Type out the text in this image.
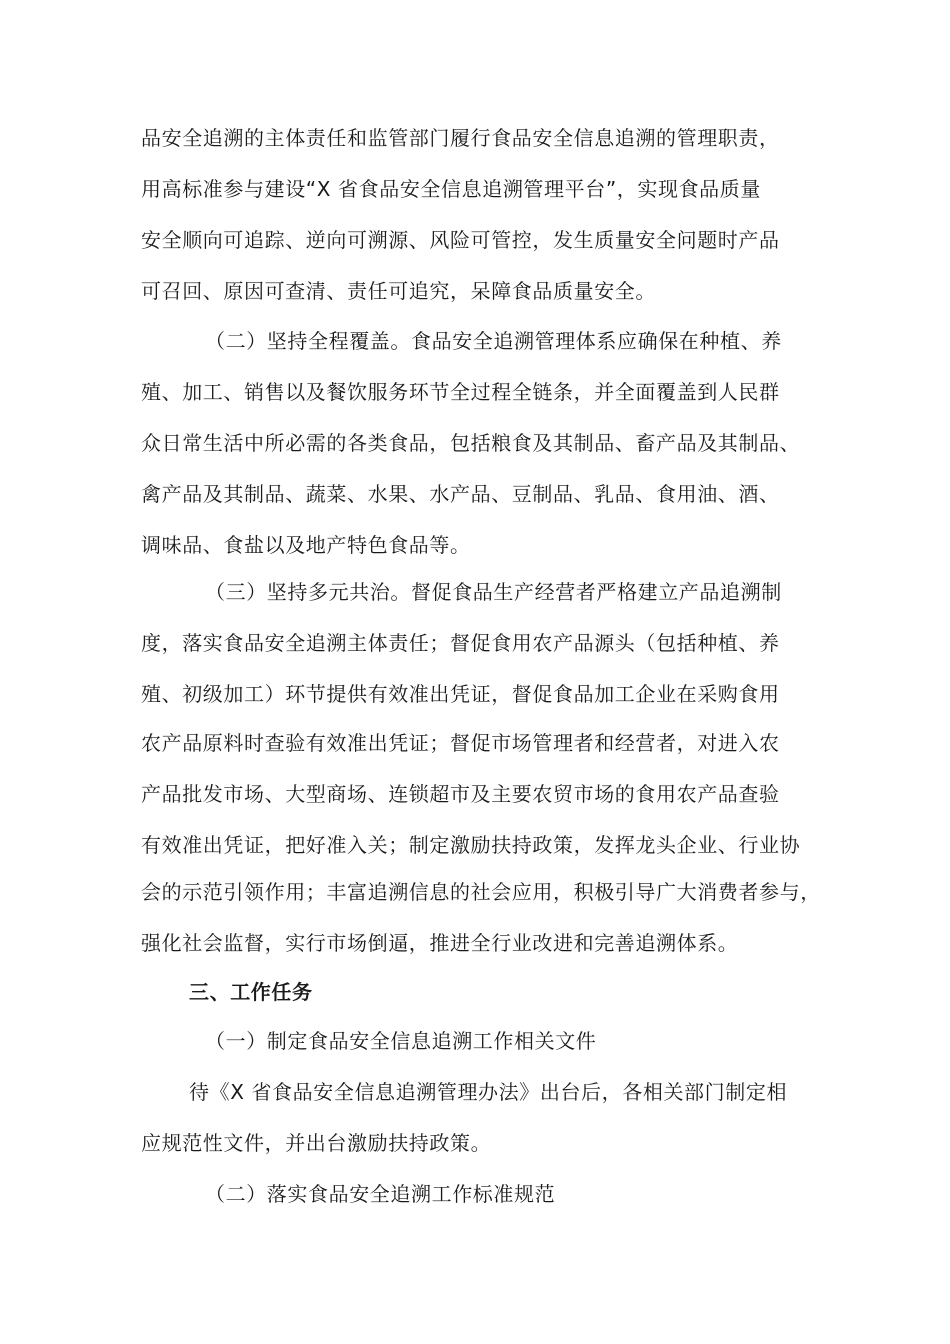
品安全追溯的主体责任和监管部门履行食品安全信息追溯的管理职责，
用高标准参与建设“X 省食品安全信息追溯管理平台”，实现食品质量
安全顺向可追踪、逆向可溯源、风险可管控，发生质量安全问题时产品
可召回、原因可查清、责任可追究，呆障食品质量安全。
（二）坚持全程覆盖。食品安全追溯管理体系应确保在种植、养
殖、加工、销售以及餐饮服务环节全过程全链条，并全面覆盖到人民群
众日常生活中所必需的各类食品，包括粮食及其制品、畜产品及其制品、
禽产品及其制品、蔬菜、水果、水产品、豆制品、乳品、食用油、酒、
调味品、食盐以及地产特色食品等。
（三）坚持多元共治。督促食品生产经营者严格建立产品追溯制
度，落实食品安全追溯主体责任；督促食用农产品源头（包括种植、养
殖、初级加工）环节提供有效准出凭证，督促食品加工企业在采购食用
农产品原料时查验有效准出凭证；督促市场管理者和经营者，对进入农
产品批发市场、大型商场、连锁超市及主要农贸市场的食用农产品查验
有效准出凭证，把好准入关；制定激励扶持政策，发挥龙头企业、行业协
会的示范引领作用；丰富追溯信息的社会应用，积极引导广大消费者参与，
强化社会监督，实行市场倒逼，推进全行业改进和完善追溯体系。
三、工作任务
（一）制定食品安全信息追溯工作相关文件
待《X 省食品安全信息追溯管理办法》出台后，各相关部门制定相
应规范性文件，并出台激励扶持政策。
（二）落实食品安全追溯工作标准规范
